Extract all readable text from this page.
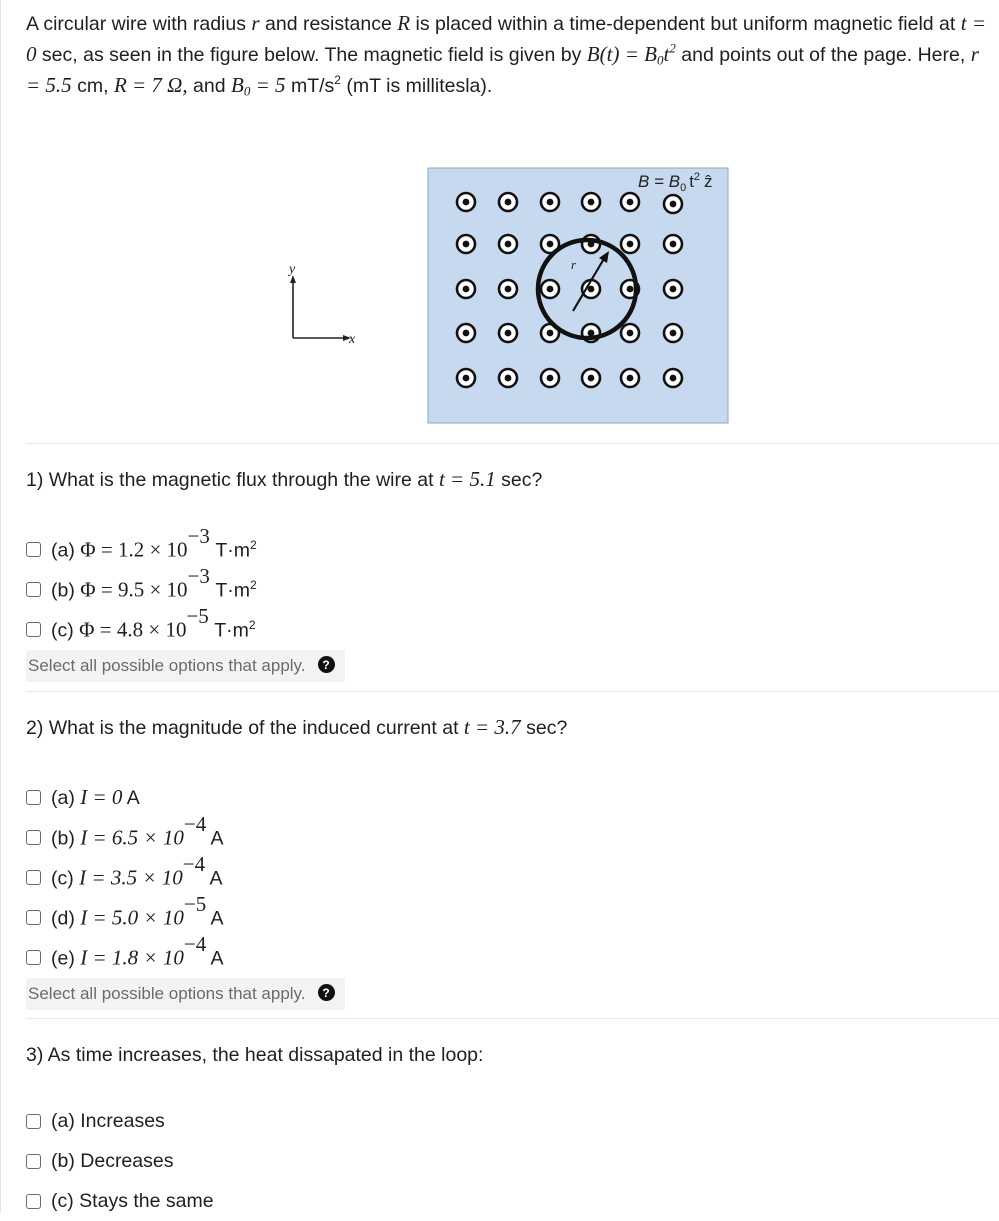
A circular wire with radius r and resistance R is placed within a time-dependent but uniform magnetic field at t = 0 sec, as seen in the figure below. The magnetic field is given by $B(t) = B_0t^2$ and points out of the page. Here, r = 5.5 cm, R = 7 Ω, and $B_0 = 5$ $mT/s^2$ (mT is millitesla).

y
x
r
$B = B_0$ $t^2$ ẑ

1) What is the magnetic flux through the wire at t = 5.1 sec?

(a) $\Phi = 1.2 \times 10^{-3}$ $T\cdot m^2$
(b) $\Phi = 9.5 \times 10^{-3}$ $T\cdot m^2$
(c) $\Phi = 4.8 \times 10^{-5}$ $T\cdot m^2$
Select all possible options that apply.	?

2) What is the magnitude of the induced current at t = 3.7 sec?

(a) I = 0 A
(b) $I = 6.5 \times 10^{-4}$ A
(c) $I = 3.5 \times 10^{-4}$ A
(d) $I = 5.0 \times 10^{-5}$ A
(e) $I = 1.8 \times 10^{-4}$ A
Select all possible options that apply.	?

3) As time increases, the heat dissapated in the loop:

(a) Increases
(b) Decreases
(c) Stays the same
